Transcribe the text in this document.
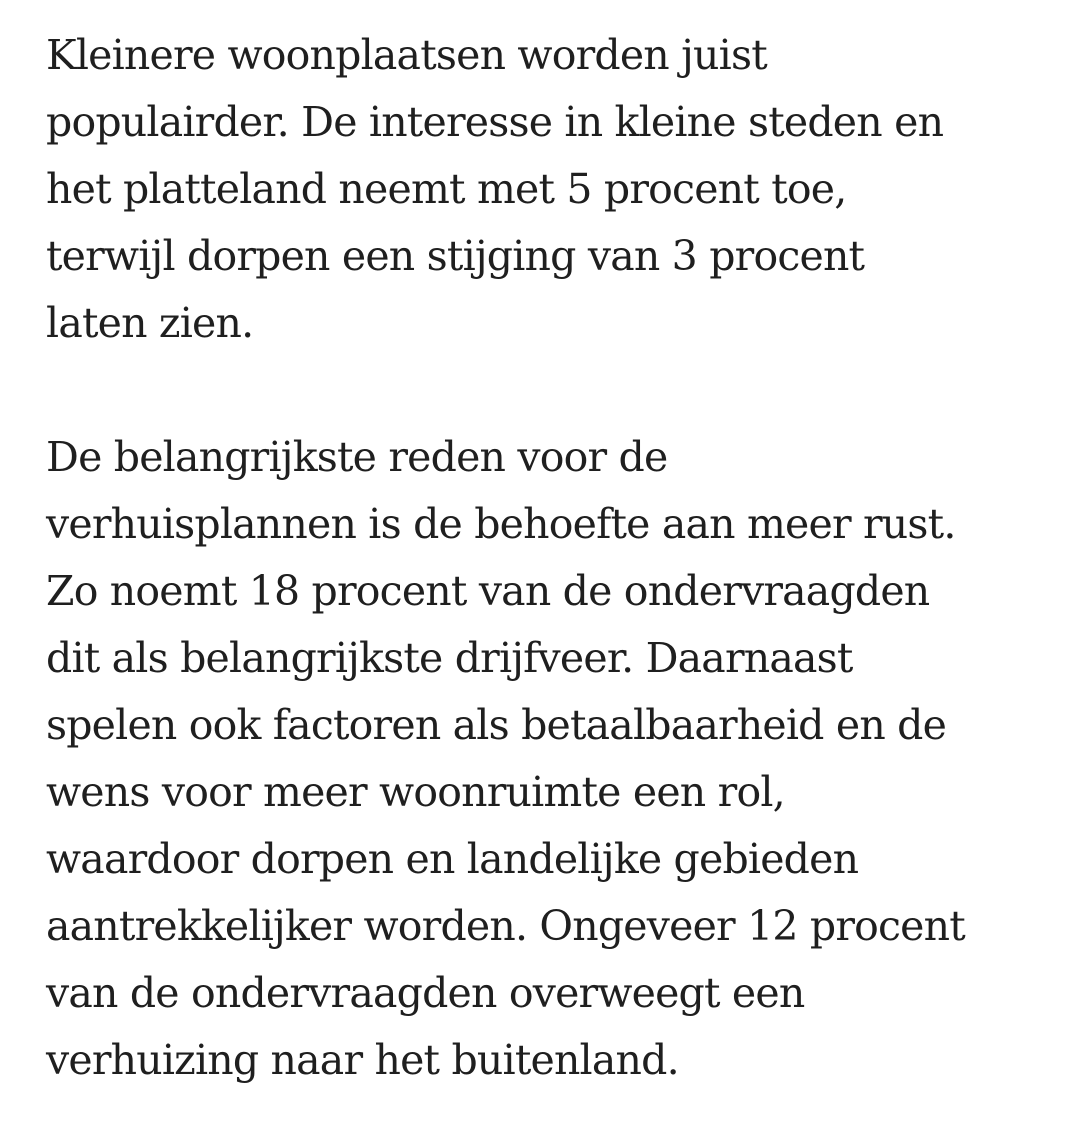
Kleinere woonplaatsen worden juist
populairder. De interesse in kleine steden en
het platteland neemt met 5 procent toe,
terwijl dorpen een stijging van 3 procent
laten zien.

De belangrijkste reden voor de
verhuisplannen is de behoefte aan meer rust.
Zo noemt 18 procent van de ondervraagden
dit als belangrijkste drijfveer. Daarnaast
spelen ook factoren als betaalbaarheid en de
wens voor meer woonruimte een rol,
waardoor dorpen en landelijke gebieden
aantrekkelijker worden. Ongeveer 12 procent
van de ondervraagden overweegt een
verhuizing naar het buitenland.
